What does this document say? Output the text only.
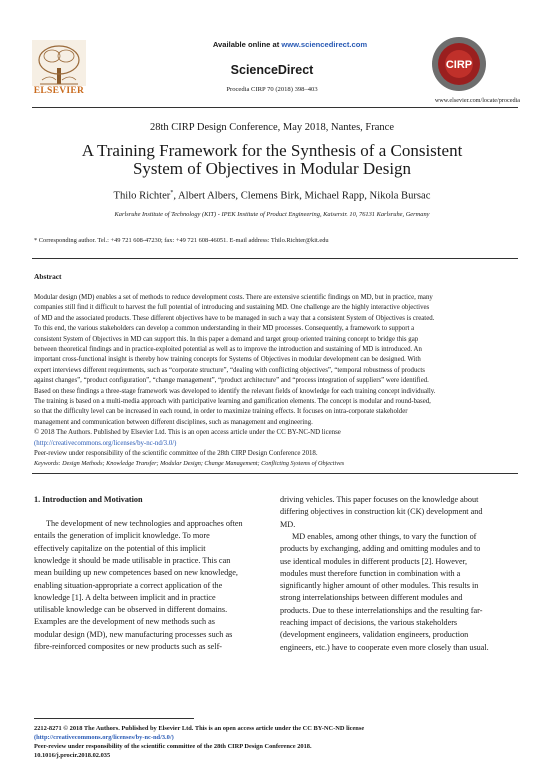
Available online at www.sciencedirect.com
ELSEVIER
ScienceDirect
Procedia CIRP 70 (2018) 398–403
CIRP
www.elsevier.com/locate/procedia
28th CIRP Design Conference, May 2018, Nantes, France
A Training Framework for the Synthesis of a Consistent
System of Objectives in Modular Design
Thilo Richter*, Albert Albers, Clemens Birk, Michael Rapp, Nikola Bursac
Karlsruhe Institute of Technology (KIT) - IPEK Institute of Product Engineering, Kaiserstr. 10, 76131 Karlsruhe, Germany
* Corresponding author. Tel.: +49 721 608-47230; fax: +49 721 608-46051. E-mail address: Thilo.Richter@kit.edu
Abstract
Modular design (MD) enables a set of methods to reduce development costs. There are extensive scientific findings on MD, but in practice, many
companies still find it difficult to harvest the full potential of introducing and sustaining MD. One challenge are the highly interactive objectives
of MD and the associated products. These different objectives have to be managed in such a way that a consistent System of Objectives is created.
To this end, the various stakeholders can develop a common understanding in their MD processes. Consequently, a framework to support a
consistent System of Objectives in MD can support this. In this paper a demand and target group oriented training concept to bridge this gap
between theoretical findings and in practice-exploited potential as well as to improve the introduction and sustaining of MD is introduced. An
important cross-functional insight is thereby how training concepts for Systems of Objectives in modular development can be designed. With
expert interviews different requirements, such as “corporate structure”, “dealing with conflicting objectives”, “temporal robustness of products
against changes”, “product configuration”, “change management”, “product architecture” and “process integration of suppliers” were identified.
Based on these findings a three-stage framework was developed to identify the relevant fields of knowledge for each training concept individually.
The training is based on a multi-media approach with participative learning and gamification elements. The concept is modular and round-based,
so that the difficulty level can be increased in each round, in order to maximize training effects. It focuses on intra-corporate stakeholder
management and communication between different disciplines, such as management and engineering.
© 2018 The Authors. Published by Elsevier Ltd. This is an open access article under the CC BY-NC-ND license
(http://creativecommons.org/licenses/by-nc-nd/3.0/)
Peer-review under responsibility of the scientific committee of the 28th CIRP Design Conference 2018.
Keywords: Design Methods; Knowledge Transfer; Modular Design; Change Management; Conflicting Systems of Objectives
1. Introduction and Motivation
The development of new technologies and approaches often
entails the generation of implicit knowledge. To more
effectively capitalize on the potential of this implicit
knowledge it should be made utilisable in practice. This can
mean building up new competences based on new knowledge,
enabling situation-appropriate a correct application of the
knowledge [1]. A delta between implicit and in practice
utilisable knowledge can be observed in different domains.
Examples are the development of new methods such as
modular design (MD), new manufacturing processes such as
fibre-reinforced composites or new products such as self-
driving vehicles. This paper focuses on the knowledge about
differing objectives in construction kit (CK) development and
MD.
MD enables, among other things, to vary the function of
products by exchanging, adding and omitting modules and to
use identical modules in different products [2]. However,
modules must therefore function in combination with a
significantly higher amount of other modules. This results in
strong interrelationships between different modules and
products. Due to these interrelationships and the resulting far-
reaching impact of decisions, the various stakeholders
(development engineers, validation engineers, production
engineers, etc.) have to cooperate even more closely than usual.
2212-8271 © 2018 The Authors. Published by Elsevier Ltd. This is an open access article under the CC BY-NC-ND license
(http://creativecommons.org/licenses/by-nc-nd/3.0/)
Peer-review under responsibility of the scientific committee of the 28th CIRP Design Conference 2018.
10.1016/j.procir.2018.02.035
